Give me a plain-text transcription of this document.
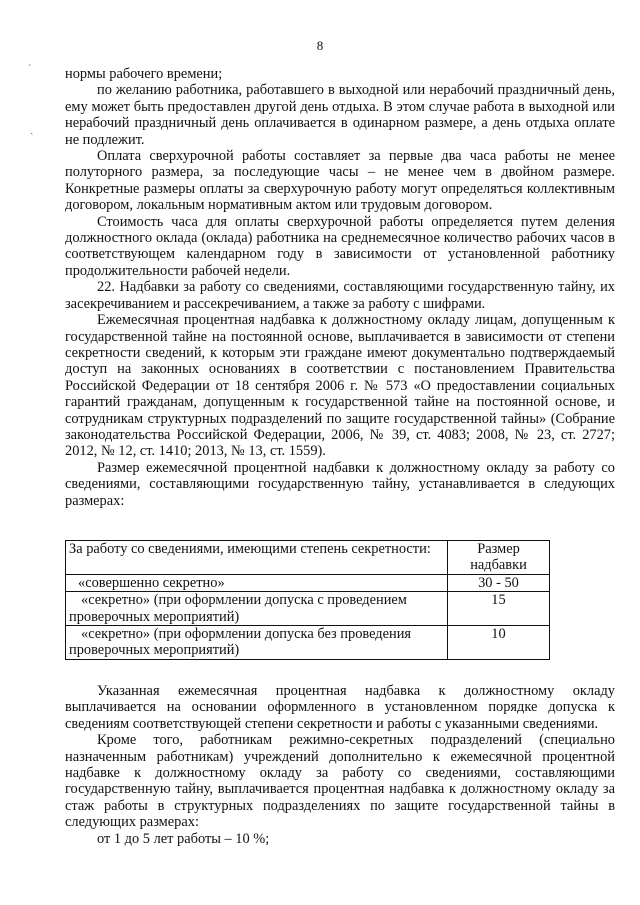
8
´
ˏ

нормы рабочего времени;

по желанию работника, работавшего в выходной или нерабочий праздничный день, ему может быть предоставлен другой день отдыха. В этом случае работа в выходной или нерабочий праздничный день оплачивается в одинарном размере, а день отдыха оплате не подлежит.

Оплата сверхурочной работы составляет за первые два часа работы не менее полуторного размера, за последующие часы – не менее чем в двойном размере. Конкретные размеры оплаты за сверхурочную работу могут определяться коллективным договором, локальным нормативным актом или трудовым договором.

Стоимость часа для оплаты сверхурочной работы определяется путем деления должностного оклада (оклада) работника на среднемесячное количество рабочих часов в соответствующем календарном году в зависимости от установленной работнику продолжительности рабочей недели.

22. Надбавки за работу со сведениями, составляющими государственную тайну, их засекречиванием и рассекречиванием, а также за работу с шифрами.

Ежемесячная процентная надбавка к должностному окладу лицам, допущенным к государственной тайне на постоянной основе, выплачивается в зависимости от степени секретности сведений, к которым эти граждане имеют документально подтверждаемый доступ на законных основаниях в соответствии с постановлением Правительства Российской Федерации от 18 сентября 2006 г. № 573 «О предоставлении социальных гарантий гражданам, допущенным к государственной тайне на постоянной основе, и сотрудникам структурных подразделений по защите государственной тайны» (Собрание законодательства Российской Федерации, 2006, № 39, ст. 4083; 2008, № 23, ст. 2727; 2012, № 12, ст. 1410; 2013, № 13, ст. 1559).

Размер ежемесячной процентной надбавки к должностному окладу за работу со сведениями, составляющими государственную тайну, устанавливается в следующих размерах:

За работу со сведениями, имеющими степень секретности:	Размер надбавки
«совершенно секретно»	30 - 50
«секретно» (при оформлении допуска с проведением проверочных мероприятий)	15
«секретно» (при оформлении допуска без проведения проверочных мероприятий)	10

Указанная ежемесячная процентная надбавка к должностному окладу выплачивается на основании оформленного в установленном порядке допуска к сведениям соответствующей степени секретности и работы с указанными сведениями.

Кроме того, работникам режимно-секретных подразделений (специально назначенным работникам) учреждений дополнительно к ежемесячной процентной надбавке к должностному окладу за работу со сведениями, составляющими государственную тайну, выплачивается процентная надбавка к должностному окладу за стаж работы в структурных подразделениях по защите государственной тайны в следующих размерах:

от 1 до 5 лет работы – 10 %;
